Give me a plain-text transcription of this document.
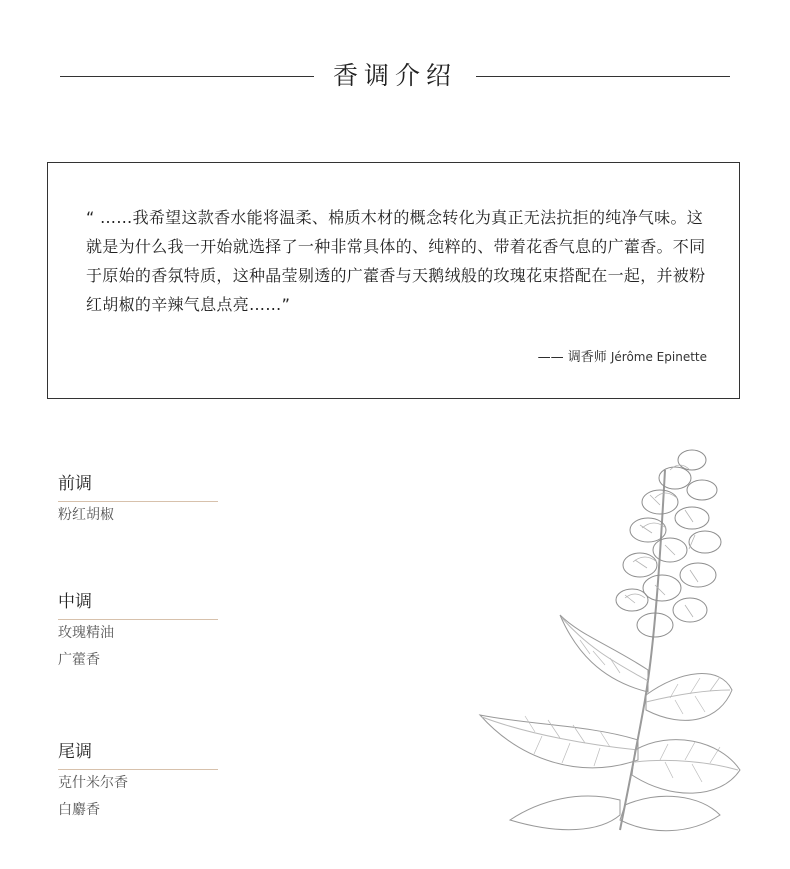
香调介绍
“ ……我希望这款香水能将温柔、棉质木材的概念转化为真正无法抗拒的纯净气味。这就是为什么我一开始就选择了一种非常具体的、纯粹的、带着花香气息的广藿香。不同于原始的香氛特质，这种晶莹剔透的广藿香与天鹅绒般的玫瑰花束搭配在一起，并被粉红胡椒的辛辣气息点亮……”
—— 调香师 Jérôme Epinette
前调
粉红胡椒
中调
玫瑰精油
广藿香
尾调
克什米尔香
白麝香
